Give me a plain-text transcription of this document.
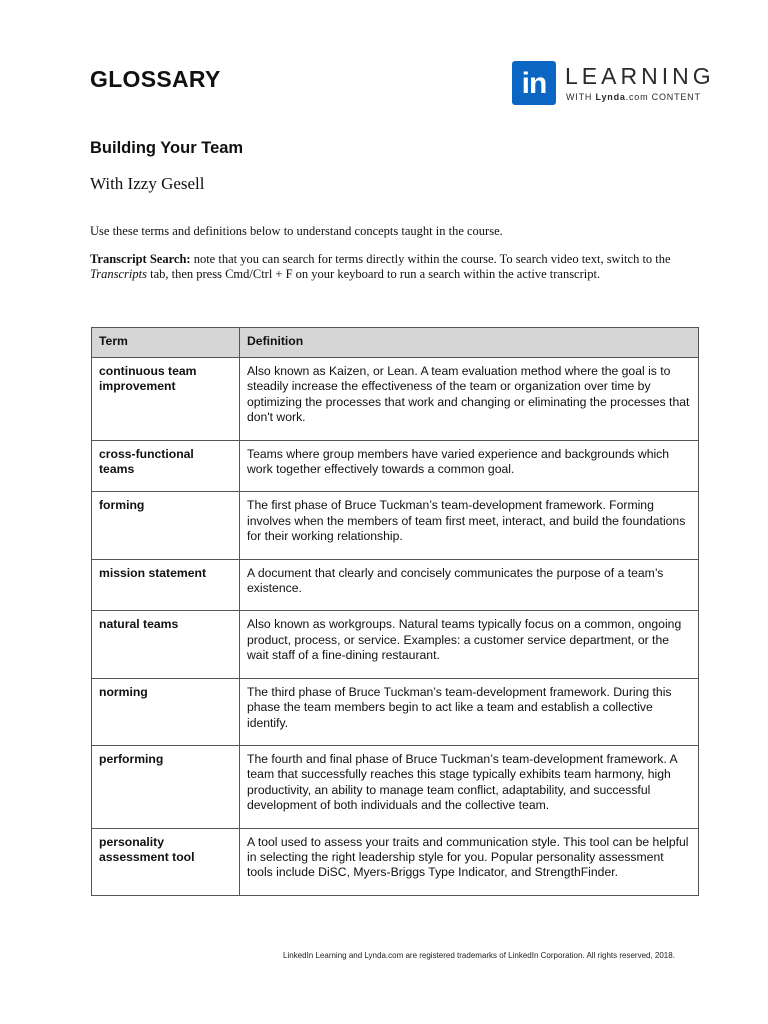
GLOSSARY	in LEARNING
WITH Lynda.com CONTENT
Building Your Team

With Izzy Gesell

Use these terms and definitions below to understand concepts taught in the course.

Transcript Search: note that you can search for terms directly within the course. To search video text, switch to the Transcripts tab, then press Cmd/Ctrl + F on your keyboard to run a search within the active transcript.

Term	Definition
continuous team improvement	Also known as Kaizen, or Lean. A team evaluation method where the goal is to steadily increase the effectiveness of the team or organization over time by optimizing the processes that work and changing or eliminating the processes that don't work.
cross-functional teams	Teams where group members have varied experience and backgrounds which work together effectively towards a common goal.
forming	The first phase of Bruce Tuckman’s team-development framework. Forming involves when the members of team first meet, interact, and build the foundations for their working relationship.
mission statement	A document that clearly and concisely communicates the purpose of a team’s existence.
natural teams	Also known as workgroups. Natural teams typically focus on a common, ongoing product, process, or service. Examples: a customer service department, or the wait staff of a fine-dining restaurant.
norming	The third phase of Bruce Tuckman’s team-development framework. During this phase the team members begin to act like a team and establish a collective identify.
performing	The fourth and final phase of Bruce Tuckman’s team-development framework. A team that successfully reaches this stage typically exhibits team harmony, high productivity, an ability to manage team conflict, adaptability, and successful development of both individuals and the collective team.
personality assessment tool	A tool used to assess your traits and communication style. This tool can be helpful in selecting the right leadership style for you. Popular personality assessment tools include DiSC, Myers-Briggs Type Indicator, and StrengthFinder.

LinkedIn Learning and Lynda.com are registered trademarks of LinkedIn Corporation. All rights reserved, 2018.
